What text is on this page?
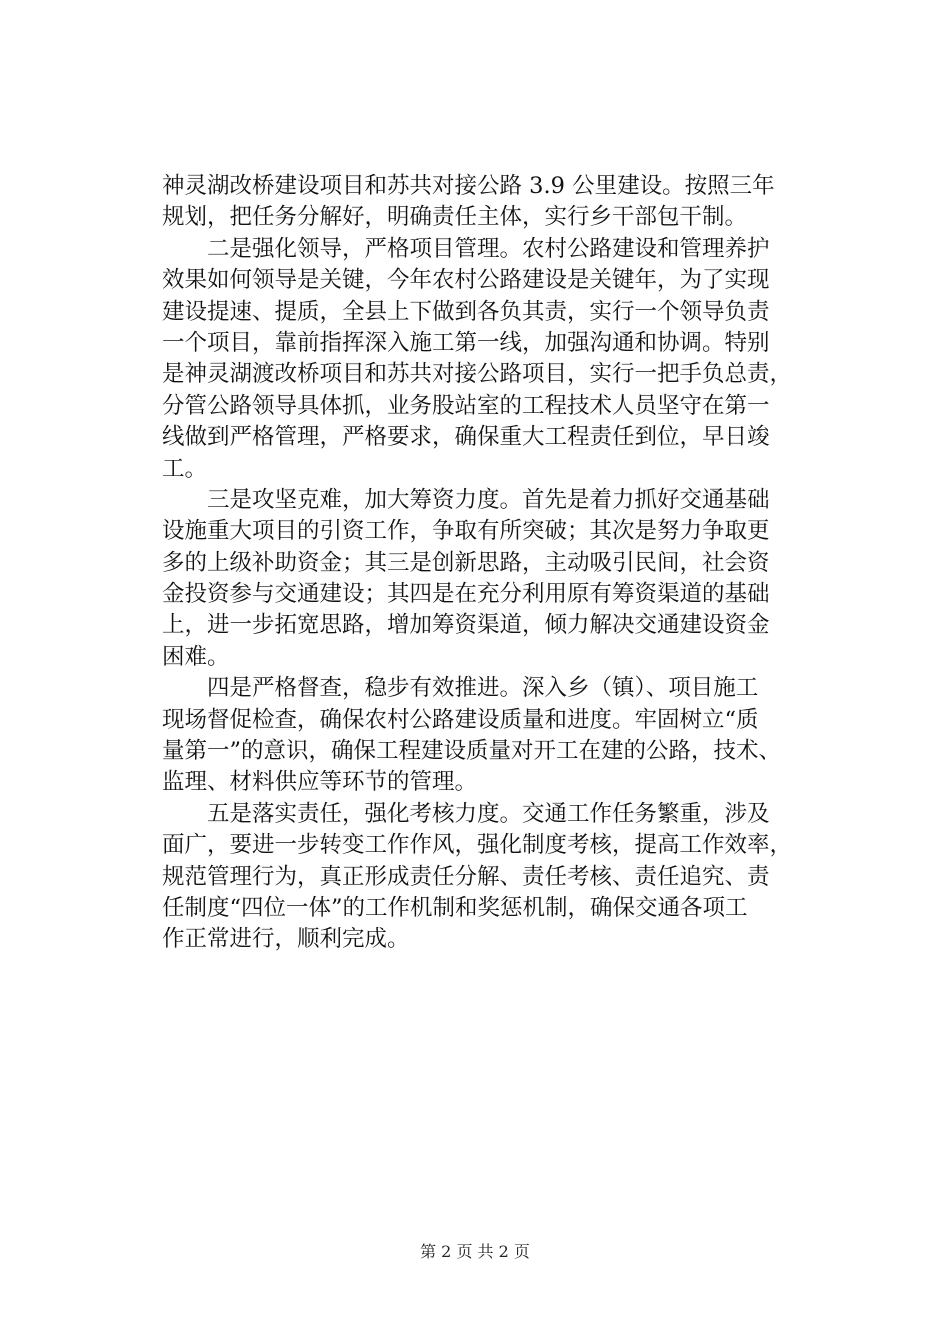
神灵湖改桥建设项目和苏共对接公路 3.9 公里建设。按照三年
规划，把任务分解好，明确责任主体，实行乡干部包干制。
二是强化领导，严格项目管理。农村公路建设和管理养护
效果如何领导是关键，今年农村公路建设是关键年，为了实现
建设提速、提质，全县上下做到各负其责，实行一个领导负责
一个项目，靠前指挥深入施工第一线，加强沟通和协调。特别
是神灵湖渡改桥项目和苏共对接公路项目，实行一把手负总责，
分管公路领导具体抓，业务股站室的工程技术人员坚守在第一
线做到严格管理，严格要求，确保重大工程责任到位，早日竣
工。
三是攻坚克难，加大筹资力度。首先是着力抓好交通基础
设施重大项目的引资工作，争取有所突破；其次是努力争取更
多的上级补助资金；其三是创新思路，主动吸引民间，社会资
金投资参与交通建设；其四是在充分利用原有筹资渠道的基础
上，进一步拓宽思路，增加筹资渠道，倾力解决交通建设资金
困难。
四是严格督查，稳步有效推进。深入乡（镇）、项目施工
现场督促检查，确保农村公路建设质量和进度。牢固树立“质
量第一”的意识，确保工程建设质量对开工在建的公路，技术、
监理、材料供应等环节的管理。
五是落实责任，强化考核力度。交通工作任务繁重，涉及
面广，要进一步转变工作作风，强化制度考核，提高工作效率，
规范管理行为，真正形成责任分解、责任考核、责任追究、责
任制度“四位一体”的工作机制和奖惩机制，确保交通各项工
作正常进行，顺利完成。
第 2 页 共 2 页
